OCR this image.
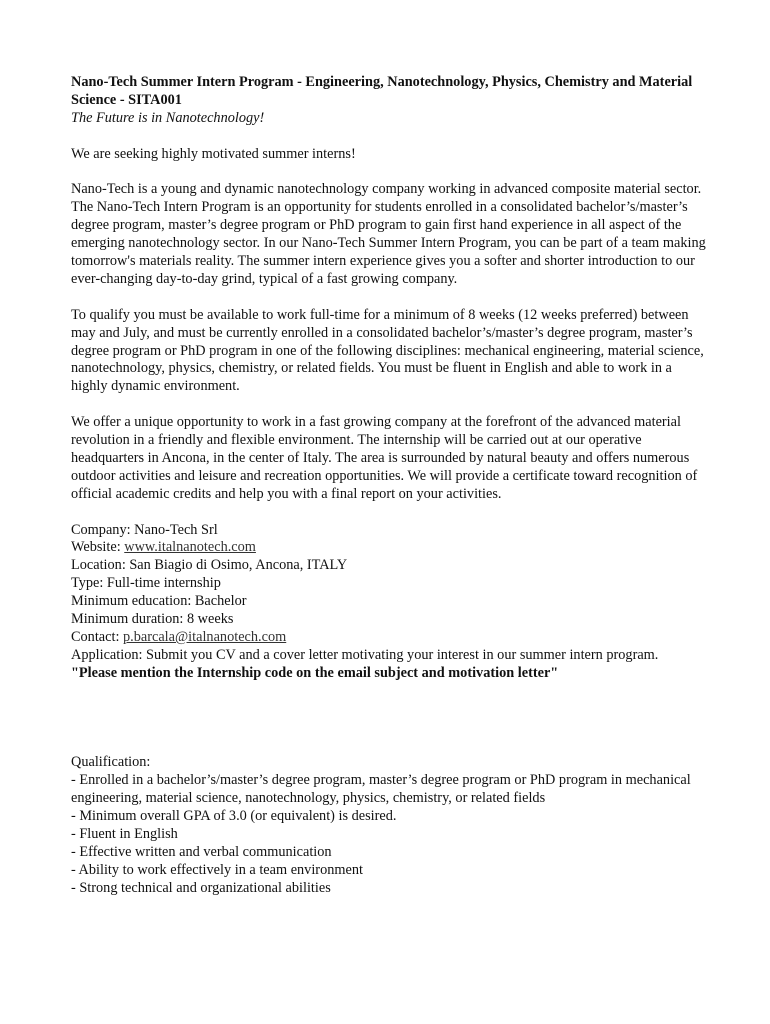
Nano-Tech Summer Intern Program - Engineering, Nanotechnology, Physics, Chemistry and Material Science - SITA001

The Future is in Nanotechnology!

We are seeking highly motivated summer interns!

Nano-Tech is a young and dynamic nanotechnology company working in advanced composite material sector. The Nano-Tech Intern Program is an opportunity for students enrolled in a consolidated bachelor’s/master’s degree program, master’s degree program or PhD program to gain first hand experience in all aspect of the emerging nanotechnology sector. In our Nano-Tech Summer Intern Program, you can be part of a team making tomorrow's materials reality. The summer intern experience gives you a softer and shorter introduction to our ever-changing day-to-day grind, typical of a fast growing company.

To qualify you must be available to work full-time for a minimum of 8 weeks (12 weeks preferred) between may and July, and must be currently enrolled in a consolidated bachelor’s/master’s degree program, master’s degree program or PhD program in one of the following disciplines: mechanical engineering, material science, nanotechnology, physics, chemistry, or related fields. You must be fluent in English and able to work in a highly dynamic environment.

We offer a unique opportunity to work in a fast growing company at the forefront of the advanced material revolution in a friendly and flexible environment. The internship will be carried out at our operative headquarters in Ancona, in the center of Italy. The area is surrounded by natural beauty and offers numerous outdoor activities and leisure and recreation opportunities. We will provide a certificate toward recognition of official academic credits and help you with a final report on your activities.

Company: Nano-Tech Srl

Website: www.italnanotech.com

Location: San Biagio di Osimo, Ancona, ITALY

Type: Full-time internship

Minimum education: Bachelor

Minimum duration: 8 weeks

Contact: p.barcala@italnanotech.com

Application: Submit you CV and a cover letter motivating your interest in our summer intern program.

"Please mention the Internship code on the email subject and motivation letter"

Qualification:

- Enrolled in a bachelor’s/master’s degree program, master’s degree program or PhD program in mechanical engineering, material science, nanotechnology, physics, chemistry, or related fields

- Minimum overall GPA of 3.0 (or equivalent) is desired.

- Fluent in English

- Effective written and verbal communication

- Ability to work effectively in a team environment

- Strong technical and organizational abilities
